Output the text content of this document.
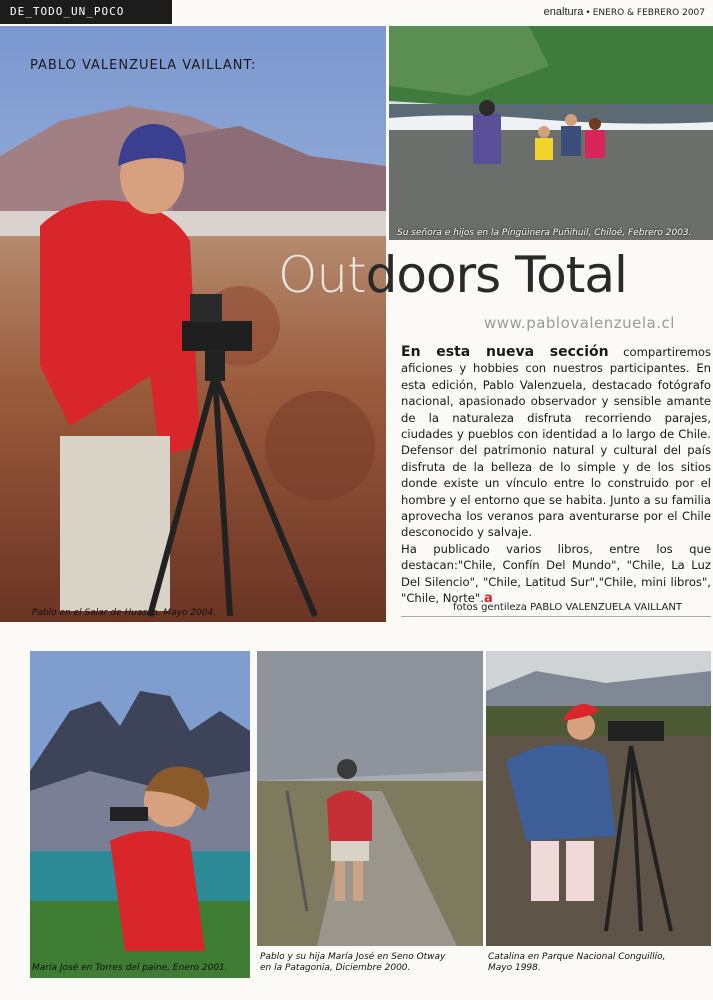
DE_TODO_UN_POCO	enaltura • ENERO & FEBRERO 2007
PABLO VALENZUELA VAILLANT:
Pablo en el Salar de Huasco, Mayo 2004.
Su señora e hijos en la Pingüinera Puñihuil, Chiloé, Febrero 2003.
Outdoors Total
www.pablovalenzuela.cl

En esta nueva sección compartiremos aficiones y hobbies con nuestros participantes. En esta edición, Pablo Valenzuela, destacado fotógrafo nacional, apasionado observador y sensible amante de la naturaleza disfruta recorriendo parajes, ciudades y pueblos con identidad a lo largo de Chile. Defensor del patrimonio natural y cultural del país disfruta de la belleza de lo simple y de los sitios donde existe un vínculo entre lo construido por el hombre y el entorno que se habita. Junto a su familia aprovecha los veranos para aventurarse por el Chile desconocido y salvaje.

Ha publicado varios libros, entre los que destacan:"Chile, Confín Del Mundo", "Chile, La Luz Del Silencio", "Chile, Latitud Sur","Chile, mini libros", "Chile, Norte".a

fotos gentileza PABLO VALENZUELA VAILLANT
María José en Torres del paine, Enero 2001.
Pablo y su hija María José en Seno Otway
en la Patagonia, Diciembre 2000.
Catalina en Parque Nacional Conguillío,
Mayo 1998.
